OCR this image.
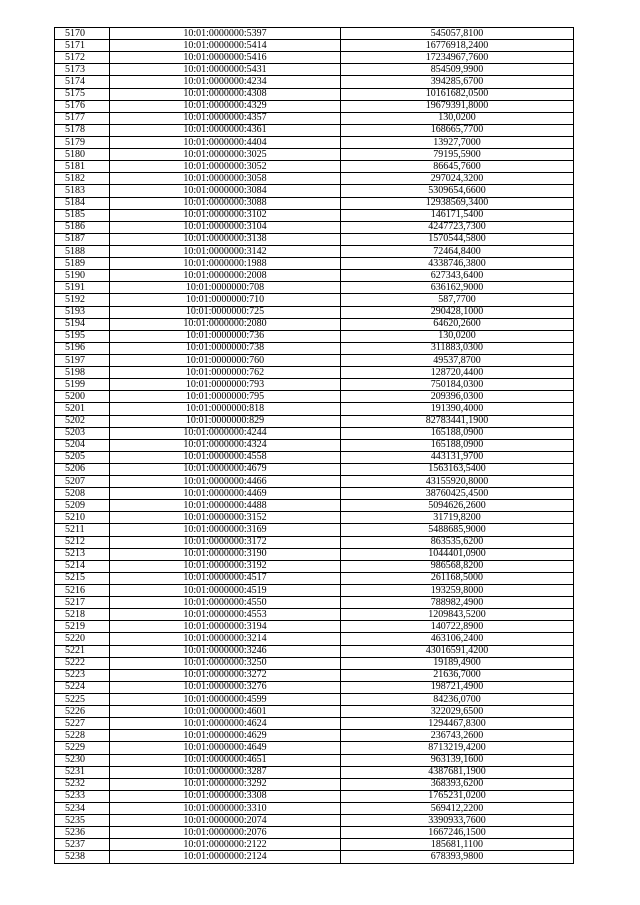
5170	10:01:0000000:5397	545057,8100
5171	10:01:0000000:5414	16776918,2400
5172	10:01:0000000:5416	17234967,7600
5173	10:01:0000000:5431	854509,9900
5174	10:01:0000000:4234	394285,6700
5175	10:01:0000000:4308	10161682,0500
5176	10:01:0000000:4329	19679391,8000
5177	10:01:0000000:4357	130,0200
5178	10:01:0000000:4361	168665,7700
5179	10:01:0000000:4404	13927,7000
5180	10:01:0000000:3025	79195,5900
5181	10:01:0000000:3052	86645,7600
5182	10:01:0000000:3058	297024,3200
5183	10:01:0000000:3084	5309654,6600
5184	10:01:0000000:3088	12938569,3400
5185	10:01:0000000:3102	146171,5400
5186	10:01:0000000:3104	4247723,7300
5187	10:01:0000000:3138	1570544,5800
5188	10:01:0000000:3142	72464,8400
5189	10:01:0000000:1988	4338746,3800
5190	10:01:0000000:2008	627343,6400
5191	10:01:0000000:708	636162,9000
5192	10:01:0000000:710	587,7700
5193	10:01:0000000:725	290428,1000
5194	10:01:0000000:2080	64620,2600
5195	10:01:0000000:736	130,0200
5196	10:01:0000000:738	311883,0300
5197	10:01:0000000:760	49537,8700
5198	10:01:0000000:762	128720,4400
5199	10:01:0000000:793	750184,0300
5200	10:01:0000000:795	209396,0300
5201	10:01:0000000:818	191390,4000
5202	10:01:0000000:829	82783441,1900
5203	10:01:0000000:4244	165188,0900
5204	10:01:0000000:4324	165188,0900
5205	10:01:0000000:4558	443131,9700
5206	10:01:0000000:4679	1563163,5400
5207	10:01:0000000:4466	43155920,8000
5208	10:01:0000000:4469	38760425,4500
5209	10:01:0000000:4488	5094626,2600
5210	10:01:0000000:3152	31719,8200
5211	10:01:0000000:3169	5488685,9000
5212	10:01:0000000:3172	863535,6200
5213	10:01:0000000:3190	1044401,0900
5214	10:01:0000000:3192	986568,8200
5215	10:01:0000000:4517	261168,5000
5216	10:01:0000000:4519	193259,8000
5217	10:01:0000000:4550	788982,4900
5218	10:01:0000000:4553	1209843,5200
5219	10:01:0000000:3194	140722,8900
5220	10:01:0000000:3214	463106,2400
5221	10:01:0000000:3246	43016591,4200
5222	10:01:0000000:3250	19189,4900
5223	10:01:0000000:3272	21636,7000
5224	10:01:0000000:3276	198721,4900
5225	10:01:0000000:4599	84236,0700
5226	10:01:0000000:4601	322029,6500
5227	10:01:0000000:4624	1294467,8300
5228	10:01:0000000:4629	236743,2600
5229	10:01:0000000:4649	8713219,4200
5230	10:01:0000000:4651	963139,1600
5231	10:01:0000000:3287	4387681,1900
5232	10:01:0000000:3292	368393,6200
5233	10:01:0000000:3308	1765231,0200
5234	10:01:0000000:3310	569412,2200
5235	10:01:0000000:2074	3390933,7600
5236	10:01:0000000:2076	1667246,1500
5237	10:01:0000000:2122	185681,1100
5238	10:01:0000000:2124	678393,9800
